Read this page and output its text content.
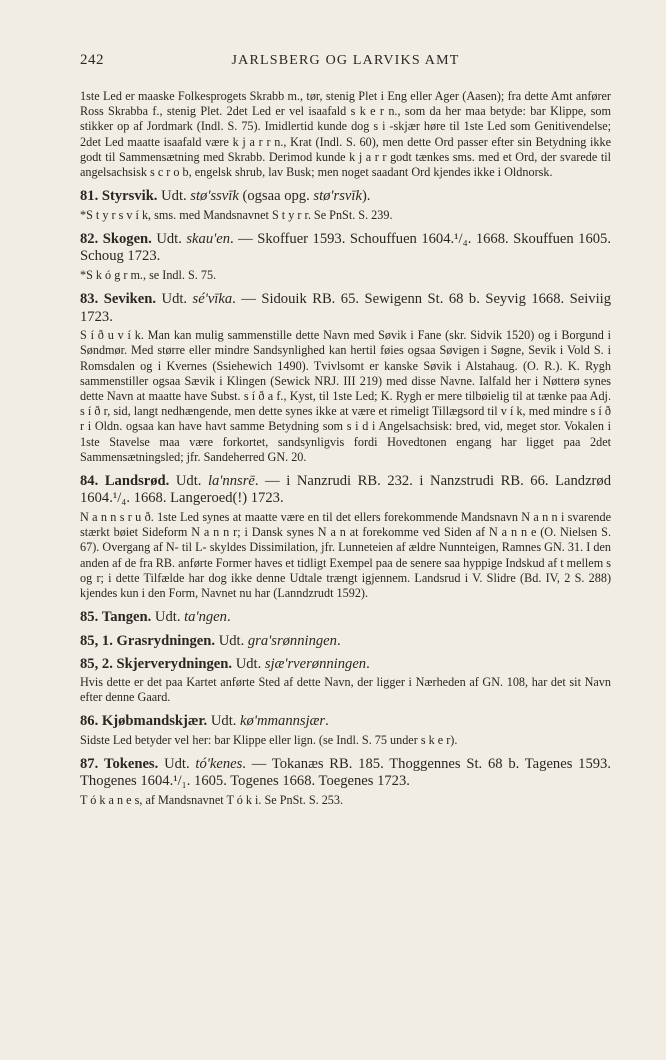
242	JARLSBERG OG LARVIKS AMT

1ste Led er maaske Folkesprogets Skrabb m., tør, stenig Plet i Eng eller Ager (Aasen); fra dette Amt anfører Ross Skrabba f., stenig Plet. 2det Led er vel isaafald s k e r n., som da her maa betyde: bar Klippe, som stikker op af Jordmark (Indl. S. 75). Imidlertid kunde dog s i -skjær høre til 1ste Led som Genitivendelse; 2det Led maatte isaafald være k j a r r n., Krat (Indl. S. 60), men dette Ord passer efter sin Betydning ikke godt til Sammensætning med Skrabb. Derimod kunde k j a r r godt tænkes sms. med et Ord, der svarede til angelsachsisk s c r o b, engelsk shrub, lav Busk; men noget saadant Ord kjendes ikke i Oldnorsk.

81. Styrsvik. Udt. stø'ssvīk (ogsaa opg. stø'rsvīk).

*S t y r s v í k, sms. med Mandsnavnet S t y r r. Se PnSt. S. 239.

82. Skogen. Udt. skau'en. — Skoffuer 1593. Schouffuen 1604.¹/₄. 1668. Skouffuen 1605. Schoug 1723.

*S k ó g r m., se Indl. S. 75.

83. Seviken. Udt. sé'vīka. — Sidouik RB. 65. Sewigenn St. 68 b. Seyvig 1668. Seiviig 1723.

S í ð u v í k. Man kan mulig sammenstille dette Navn med Søvik i Fane (skr. Sidvik 1520) og i Borgund i Søndmør. Med større eller mindre Sandsynlighed kan hertil føies ogsaa Søvigen i Søgne, Sevik i Vold S. i Romsdalen og i Kvernes (Ssiehewich 1490). Tvivlsomt er kanske Søvik i Alstahaug. (O. R.). K. Rygh sammenstiller ogsaa Sævik i Klingen (Sewick NRJ. III 219) med disse Navne. Ialfald her i Nøtterø synes dette Navn at maatte have Subst. s í ð a f., Kyst, til 1ste Led; K. Rygh er mere tilbøielig til at tænke paa Adj. s í ð r, sid, langt nedhængende, men dette synes ikke at være et rimeligt Tillægsord til v í k, med mindre s í ð r i Oldn. ogsaa kan have havt samme Betydning som s i d i Angelsachsisk: bred, vid, meget stor. Vokalen i 1ste Stavelse maa være forkortet, sandsynligvis fordi Hovedtonen engang har ligget paa 2det Sammensætningsled; jfr. Sandeherred GN. 20.

84. Landsrød. Udt. la'nnsrē. — i Nanzrudi RB. 232. i Nanzstrudi RB. 66. Landzrød 1604.¹/₄. 1668. Langeroed(!) 1723.

N a n n s r u ð. 1ste Led synes at maatte være en til det ellers forekommende Mandsnavn N a n n i svarende stærkt bøiet Sideform N a n n r; i Dansk synes N a n at forekomme ved Siden af N a n n e (O. Nielsen S. 67). Overgang af N- til L- skyldes Dissimilation, jfr. Lunneteien af ældre Nunnteigen, Ramnes GN. 31. I den anden af de fra RB. anførte Former haves et tidligt Exempel paa de senere saa hyppige Indskud af t mellem s og r; i dette Tilfælde har dog ikke denne Udtale trængt igjennem. Landsrud i V. Slidre (Bd. IV, 2 S. 288) kjendes kun i den Form, Navnet nu har (Lanndzrudt 1592).

85. Tangen. Udt. ta'ngen.

85, 1. Grasrydningen. Udt. gra'srønningen.

85, 2. Skjerverydningen. Udt. sjæ'rverønningen.

Hvis dette er det paa Kartet anførte Sted af dette Navn, der ligger i Nærheden af GN. 108, har det sit Navn efter denne Gaard.

86. Kjøbmandskjær. Udt. kø'mmannsjær.

Sidste Led betyder vel her: bar Klippe eller lign. (se Indl. S. 75 under s k e r).

87. Tokenes. Udt. tó'kenes. — Tokanæs RB. 185. Thoggennes St. 68 b. Tagenes 1593. Thogenes 1604.¹/₁. 1605. Togenes 1668. Toegenes 1723.

T ó k a n e s, af Mandsnavnet T ó k i. Se PnSt. S. 253.
